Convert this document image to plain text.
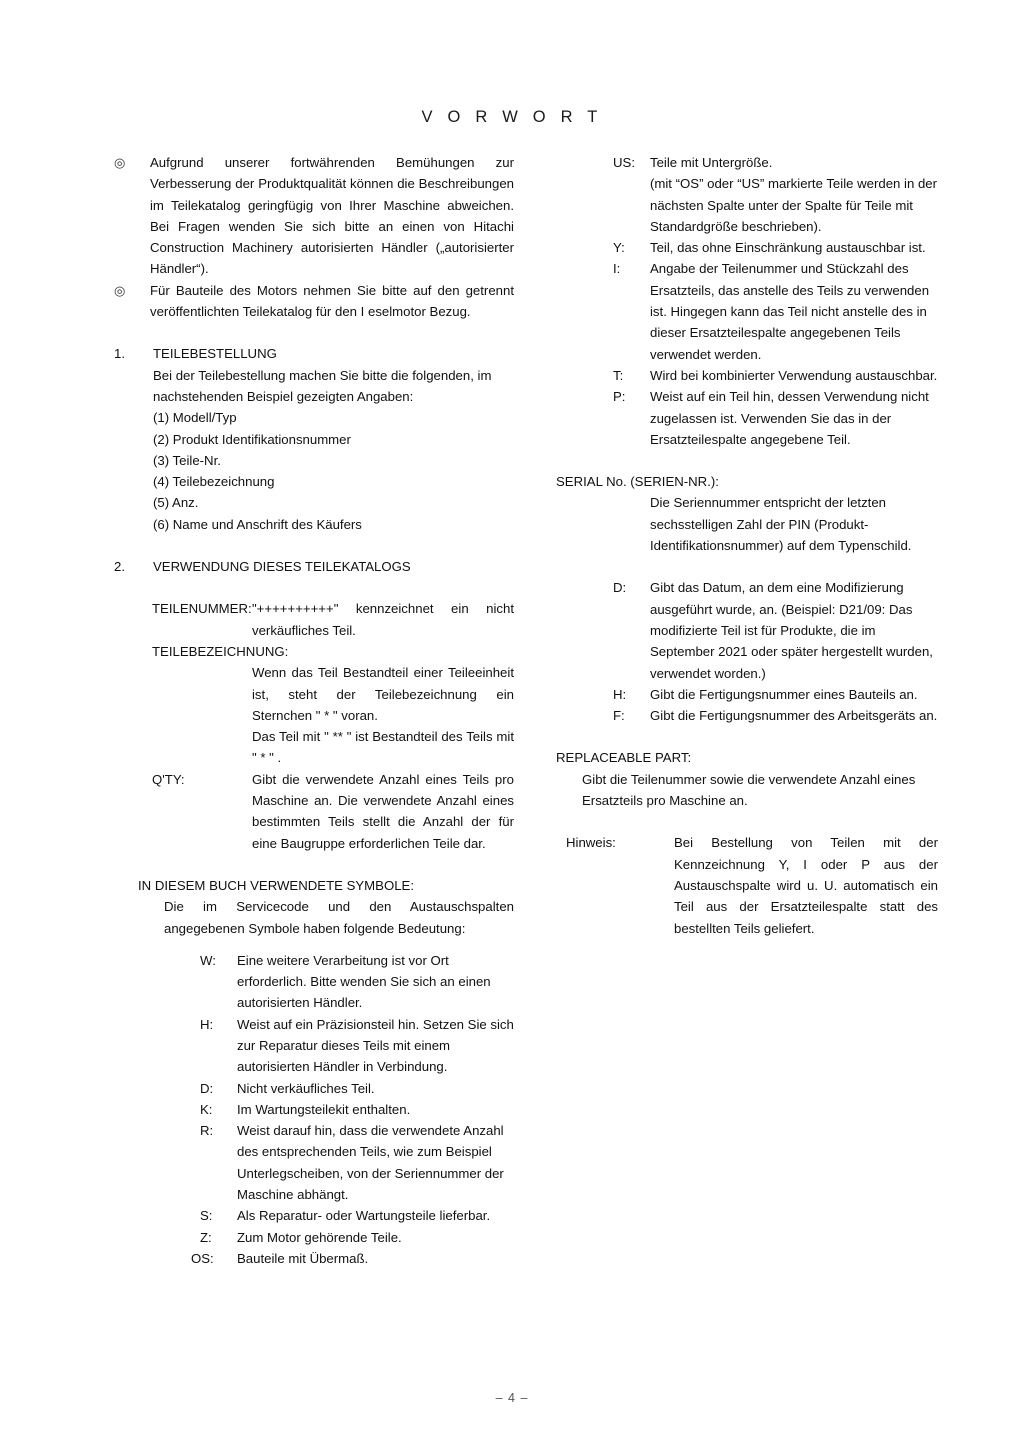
V O R W O R T
◎ Aufgrund unserer fortwährenden Bemühungen zur Verbesserung der Produktqualität können die Beschreibungen im Teilekatalog geringfügig von Ihrer Maschine abweichen. Bei Fragen wenden Sie sich bitte an einen von Hitachi Construction Machinery autorisierten Händler („autorisierter Händler“).
◎ Für Bauteile des Motors nehmen Sie bitte auf den getrennt veröffentlichten Teilekatalog für den I eselmotor Bezug.
1. TEILEBESTELLUNG
Bei der Teilebestellung machen Sie bitte die folgenden, im nachstehenden Beispiel gezeigten Angaben:
(1) Modell/Typ
(2) Produkt Identifikationsnummer
(3) Teile-Nr.
(4) Teilebezeichnung
(5) Anz.
(6) Name und Anschrift des Käufers
2. VERWENDUNG DIESES TEILEKATALOGS
TEILENUMMER: "++++++++++" kennzeichnet ein nicht verkäufliches Teil.
TEILEBEZEICHNUNG:
Wenn das Teil Bestandteil einer Teileeinheit ist, steht der Teilebezeichnung ein Sternchen " * " voran.
Das Teil mit " ** " ist Bestandteil des Teils mit " * " .
Q'TY:	Gibt die verwendete Anzahl eines Teils pro Maschine an. Die verwendete Anzahl eines bestimmten Teils stellt die Anzahl der für eine Baugruppe erforderlichen Teile dar.
IN DIESEM BUCH VERWENDETE SYMBOLE:
Die im Servicecode und den Austauschspalten angegebenen Symbole haben folgende Bedeutung:
W:	Eine weitere Verarbeitung ist vor Ort erforderlich. Bitte wenden Sie sich an einen autorisierten Händler.
H:	Weist auf ein Präzisionsteil hin. Setzen Sie sich zur Reparatur dieses Teils mit einem autorisierten Händler in Verbindung.
D:	Nicht verkäufliches Teil.
K:	Im Wartungsteilekit enthalten.
R:	Weist darauf hin, dass die verwendete Anzahl des entsprechenden Teils, wie zum Beispiel Unterlegscheiben, von der Seriennummer der Maschine abhängt.
S:	Als Reparatur- oder Wartungsteile lieferbar.
Z:	Zum Motor gehörende Teile.
OS:	Bauteile mit Übermaß.
US:	Teile mit Untergröße.
(mit “OS” oder “US” markierte Teile werden in der nächsten Spalte unter der Spalte für Teile mit Standardgröße beschrieben).
Y:	Teil, das ohne Einschränkung austauschbar ist.
I:	Angabe der Teilenummer und Stückzahl des Ersatzteils, das anstelle des Teils zu verwenden ist. Hingegen kann das Teil nicht anstelle des in dieser Ersatzteilespalte angegebenen Teils verwendet werden.
T:	Wird bei kombinierter Verwendung austauschbar.
P:	Weist auf ein Teil hin, dessen Verwendung nicht zugelassen ist. Verwenden Sie das in der Ersatzteilespalte angegebene Teil.
SERIAL No. (SERIEN-NR.):
Die Seriennummer entspricht der letzten sechsstelligen Zahl der PIN (Produkt-Identifikationsnummer) auf dem Typenschild.
D:	Gibt das Datum, an dem eine Modifizierung ausgeführt wurde, an. (Beispiel: D21/09: Das modifizierte Teil ist für Produkte, die im September 2021 oder später hergestellt wurden, verwendet worden.)
H:	Gibt die Fertigungsnummer eines Bauteils an.
F:	Gibt die Fertigungsnummer des Arbeitsgeräts an.
REPLACEABLE PART:
Gibt die Teilenummer sowie die verwendete Anzahl eines Ersatzteils pro Maschine an.
Hinweis:	Bei Bestellung von Teilen mit der Kennzeichnung Y, I oder P aus der Austauschspalte wird u. U. automatisch ein Teil aus der Ersatzteilespalte statt des bestellten Teils geliefert.
– 4 –
